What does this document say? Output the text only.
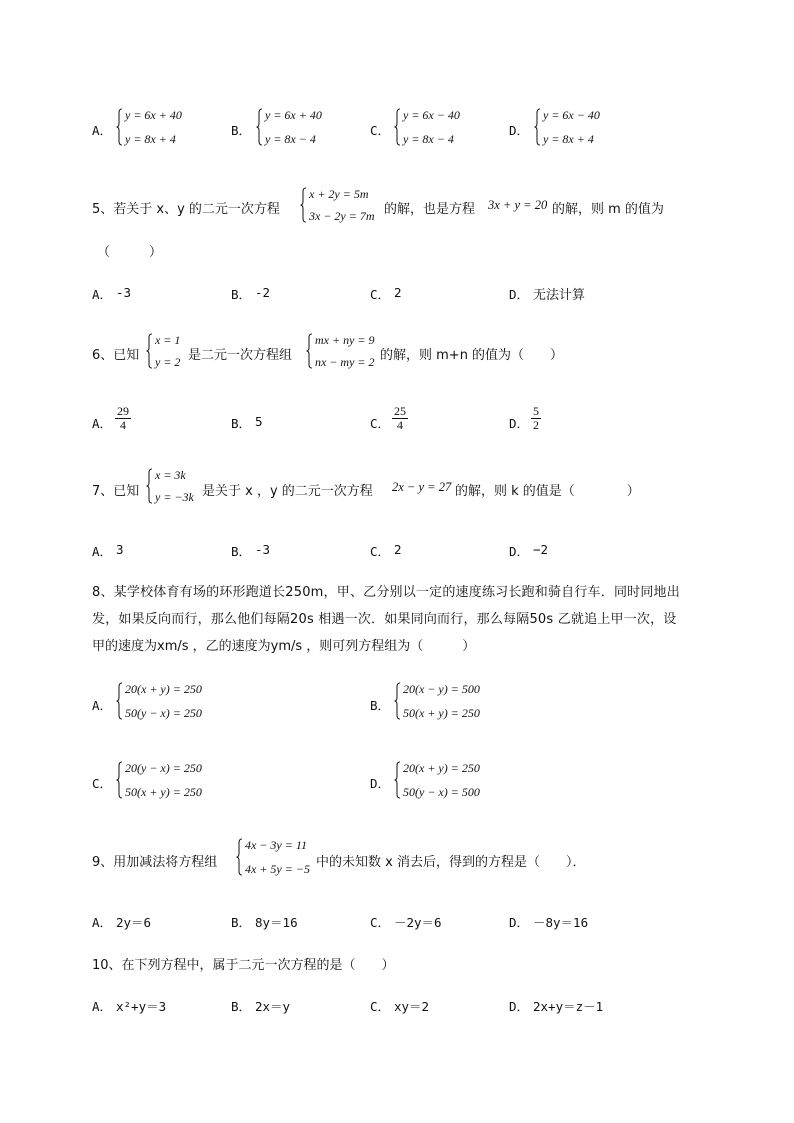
A．
y = 6x + 40
y = 8x + 4
B．
y = 6x + 40
y = 8x − 4
C．
y = 6x − 40
y = 8x − 4
D．
y = 6x − 40
y = 8x + 4
5、若关于 x、y 的二元一次方程
x + 2y = 5m
3x − 2y = 7m 的解，也是方程 3x + y = 20 的解，则 m 的值为
（　　　）
A． -3	B． -2	C． 2	D． 无法计算
6、已知
x = 1
y = 2 是二元一次方程组
mx + ny = 9
nx − my = 2 的解，则 m+n 的值为（　　）
A． $\frac{29}{4}$	B． 5	C． $\frac{25}{4}$	D． $\frac{5}{2}$
7、已知
x = 3k
y = −3k 是关于 x ，y 的二元一次方程 2x − y = 27 的解，则 k 的值是（　　　　）
A． 3	B． -3	C． 2	D． −2
8、某学校体育有场的环形跑道长250m，甲、乙分别以一定的速度练习长跑和骑自行车．同时同地出
发，如果反向而行，那么他们每隔20s 相遇一次．如果同向而行，那么每隔50s 乙就追上甲一次，设
甲的速度为xm/s ，乙的速度为ym/s ，则可列方程组为（　　　）
A．
20(x + y) = 250
50(y − x) = 250	B．
20(x − y) = 500
50(x + y) = 250
C．
20(y − x) = 250
50(x + y) = 250
D．
20(x + y) = 250
50(y − x) = 500
9、用加减法将方程组
4x − 3y = 11
4x + 5y = −5 中的未知数 x 消去后，得到的方程是（　　）．
A． 2y＝6	B． 8y＝16	C． －2y＝6	D． －8y＝16
10、在下列方程中，属于二元一次方程的是（　　）
A． x²+y＝3	B． 2x＝y	C． xy＝2	D． 2x+y＝z－1
